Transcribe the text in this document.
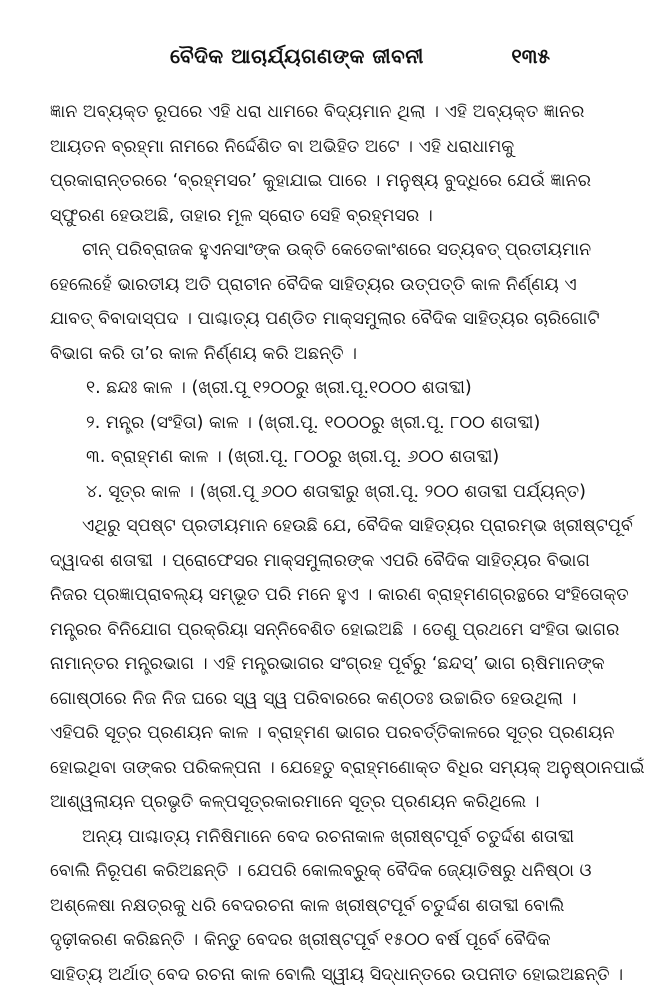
ବୈଦିକ ଆଚାର୍ଯ୍ୟଗଣଙ୍କ ଜୀବନୀ	୧୩୫
ଜ୍ଞାନ ଅବ୍ୟକ୍ତ ରୂପରେ ଏହି ଧରା ଧାମରେ ବିଦ୍ୟମାନ ଥିଲା । ଏହି ଅବ୍ୟକ୍ତ ଜ୍ଞାନର
ଆୟତନ ବ୍ରହ୍ମା ନାମରେ ନିର୍ଦ୍ଦେଶିତ ବା ଅଭିହିତ ଅଟେ । ଏହି ଧରାଧାମକୁ
ପ୍ରକାରାନ୍ତରରେ ‘ବ୍ରହ୍ମସର’ କୁହାଯାଇ ପାରେ । ମନୁଷ୍ୟ ବୁଦ୍ଧିରେ ଯେଉଁ ଜ୍ଞାନର
ସ୍ଫୁରଣ ହେଉଅଛି, ତାହାର ମୂଳ ସ୍ରୋତ ସେହି ବ୍ରହ୍ମସର ।
ଚୀନ୍ ପରିବ୍ରାଜକ ହୁଏନସାଂଙ୍କ ଉକ୍ତି କେତେକାଂଶରେ ସତ୍ୟବତ୍ ପ୍ରତୀୟମାନ
ହେଲେହେଁ ଭାରତୀୟ ଅତି ପ୍ରାଚୀନ ବୈଦିକ ସାହିତ୍ୟର ଉତ୍ପତ୍ତି କାଳ ନିର୍ଣ୍ଣୟ ଏ
ଯାବତ୍ ବିବାଦାସ୍ପଦ । ପାଶ୍ଚାତ୍ୟ ପଣ୍ଡିତ ମାକ୍ସମୁଲାର ବୈଦିକ ସାହିତ୍ୟର ଚାରିଗୋଟି
ବିଭାଗ କରି ତା’ର କାଳ ନିର୍ଣ୍ଣୟ କରି ଅଛନ୍ତି ।
୧. ଛନ୍ଦଃ କାଳ । (ଖ୍ରୀ.ପୂ ୧୨୦୦ରୁ ଖ୍ରୀ.ପୂ.୧୦୦୦ ଶତାବ୍ଦୀ)
୨. ମନ୍ତ୍ର (ସଂହିତା) କାଳ । (ଖ୍ରୀ.ପୂ. ୧୦୦୦ରୁ ଖ୍ରୀ.ପୂ. ୮୦୦ ଶତାବ୍ଦୀ)
୩. ବ୍ରାହ୍ମଣ କାଳ । (ଖ୍ରୀ.ପୂ. ୮୦୦ରୁ ଖ୍ରୀ.ପୂ. ୬୦୦ ଶତାବ୍ଦୀ)
୪. ସୂତ୍ର କାଳ । (ଖ୍ରୀ.ପୂ ୬୦୦ ଶତାବ୍ଦୀରୁ ଖ୍ରୀ.ପୂ. ୨୦୦ ଶତାବ୍ଦୀ ପର୍ଯ୍ୟନ୍ତ)
ଏଥିରୁ ସ୍ପଷ୍ଟ ପ୍ରତୀୟମାନ ହେଉଛି ଯେ, ବୈଦିକ ସାହିତ୍ୟର ପ୍ରାରମ୍ଭ ଖ୍ରୀଷ୍ଟପୂର୍ବ
ଦ୍ୱାଦଶ ଶତାବ୍ଦୀ । ପ୍ରୋଫେସର ମାକ୍ସମୁଲାରଙ୍କ ଏପରି ବୈଦିକ ସାହିତ୍ୟର ବିଭାଗ
ନିଜର ପ୍ରଜ୍ଞାପ୍ରାବଲ୍ୟ ସମ୍ଭୂତ ପରି ମନେ ହୁଏ । କାରଣ ବ୍ରାହ୍ମଣଗ୍ରନ୍ଥରେ ସଂହିତୋକ୍ତ
ମନ୍ତ୍ରର ବିନିଯୋଗ ପ୍ରକ୍ରିୟା ସନ୍ନିବେଶିତ ହୋଇଅଛି । ତେଣୁ ପ୍ରଥମେ ସଂହିତା ଭାଗର
ନାମାନ୍ତର ମନ୍ତ୍ରଭାଗ । ଏହି ମନ୍ତ୍ରଭାଗର ସଂଗ୍ରହ ପୂର୍ବରୁ ‘ଛନ୍ଦସ୍’ ଭାଗ ଋଷିମାନଙ୍କ
ଗୋଷ୍ଠୀରେ ନିଜ ନିଜ ଘରେ ସ୍ୱ ସ୍ୱ ପରିବାରରେ କଣ୍ଠତଃ ଉଚ୍ଚାରିତ ହେଉଥିଲା ।
ଏହିପରି ସୂତ୍ର ପ୍ରଣୟନ କାଳ । ବ୍ରାହ୍ମଣ ଭାଗର ପରବର୍ତ୍ତିକାଳରେ ସୂତ୍ର ପ୍ରଣୟନ
ହୋଇଥିବା ତାଙ୍କର ପରିକଳ୍ପନା । ଯେହେତୁ ବ୍ରାହ୍ମଣୋକ୍ତ ବିଧିର ସମ୍ୟକ୍ ଅନୁଷ୍ଠାନପାଇଁ
ଆଶ୍ୱଲାୟନ ପ୍ରଭୃତି କଳ୍ପସୂତ୍ରକାରମାନେ ସୂତ୍ର ପ୍ରଣୟନ କରିଥିଲେ ।
ଅନ୍ୟ ପାଶ୍ଚାତ୍ୟ ମନିଷିମାନେ ବେଦ ରଚନାକାଳ ଖ୍ରୀଷ୍ଟପୂର୍ବ ଚତୁର୍ଦ୍ଦଶ ଶତାବ୍ଦୀ
ବୋଲି ନିରୂପଣ କରିଅଛନ୍ତି । ଯେପରି କୋଲବ୍ରୁକ୍ ବୈଦିକ ଜ୍ୟୋତିଷରୁ ଧନିଷ୍ଠା ଓ
ଅଶ୍ଳେଷା ନକ୍ଷତ୍ରକୁ ଧରି ବେଦରଚନା କାଳ ଖ୍ରୀଷ୍ଟପୂର୍ବ ଚତୁର୍ଦ୍ଦଶ ଶତାବ୍ଦୀ ବୋଲି
ଦୃଢ଼ୀକରଣ କରିଛନ୍ତି । କିନ୍ତୁ ବେଦର ଖ୍ରୀଷ୍ଟପୂର୍ବ ୧୫୦୦ ବର୍ଷ ପୂର୍ବେ ବୈଦିକ
ସାହିତ୍ୟ ଅର୍ଥାତ୍ ବେଦ ରଚନା କାଳ ବୋଲି ସ୍ୱୀୟ ସିଦ୍ଧାନ୍ତରେ ଉପନୀତ ହୋଇଅଛନ୍ତି ।
